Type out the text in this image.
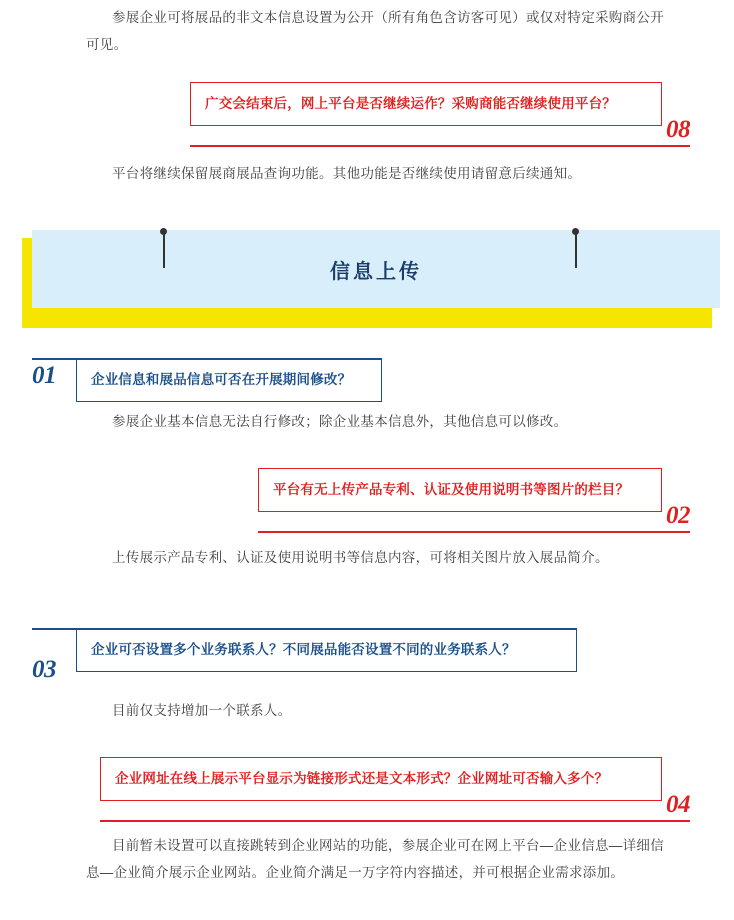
参展企业可将展品的非文本信息设置为公开（所有角色含访客可见）或仅对特定采购商公开可见。
广交会结束后，网上平台是否继续运作？采购商能否继续使用平台？
08
平台将继续保留展商展品查询功能。其他功能是否继续使用请留意后续通知。
信息上传
01	企业信息和展品信息可否在开展期间修改？
参展企业基本信息无法自行修改；除企业基本信息外，其他信息可以修改。
平台有无上传产品专利、认证及使用说明书等图片的栏目？
02
上传展示产品专利、认证及使用说明书等信息内容，可将相关图片放入展品简介。
03
企业可否设置多个业务联系人？不同展品能否设置不同的业务联系人？
目前仅支持增加一个联系人。
企业网址在线上展示平台显示为链接形式还是文本形式？企业网址可否输入多个？
04
目前暂未设置可以直接跳转到企业网站的功能，参展企业可在网上平台—企业信息—详细信息—企业简介展示企业网站。企业简介满足一万字符内容描述，并可根据企业需求添加。
